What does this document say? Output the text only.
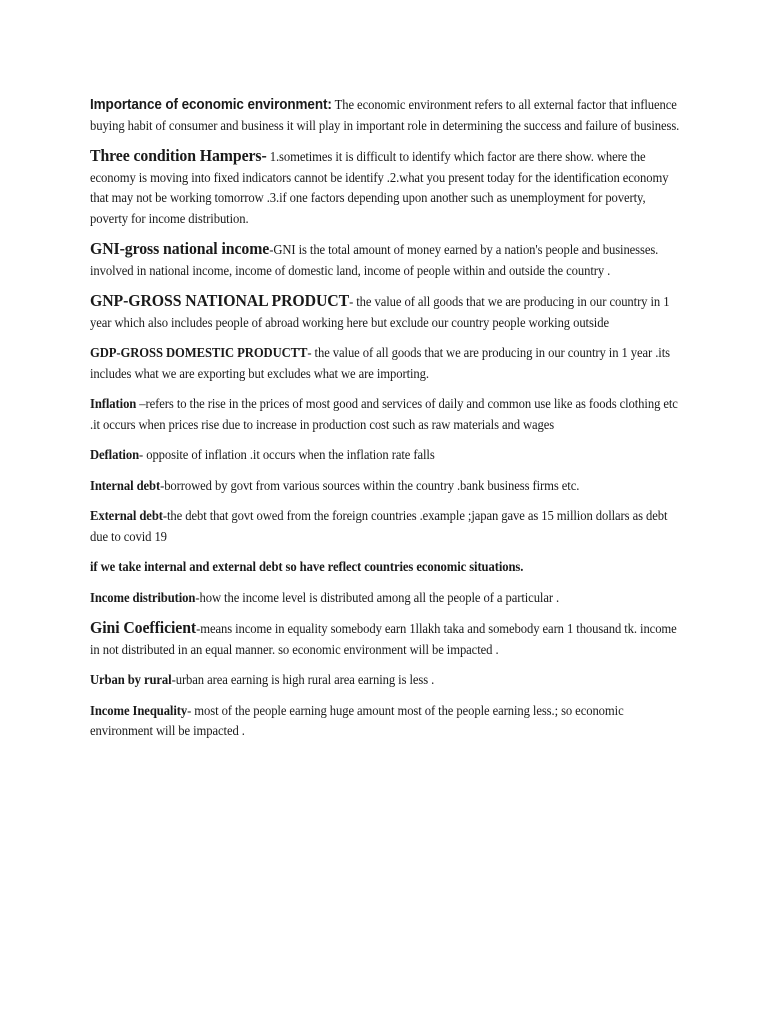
Importance of economic environment: The economic environment refers to all external factor that influence buying habit of consumer and business it will play in important role in determining the success and failure of business.

Three condition Hampers- 1.sometimes it is difficult to identify which factor are there show. where the economy is moving into fixed indicators cannot be identify .2.what you present today for the identification economy that may not be working tomorrow .3.if one factors depending upon another such as unemployment for poverty, poverty for income distribution.

GNI-gross national income-GNI is the total amount of money earned by a nation's people and businesses. involved in national income, income of domestic land, income of people within and outside the country .

GNP-GROSS NATIONAL PRODUCT- the value of all goods that we are producing in our country in 1 year which also includes people of abroad working here but exclude our country people working outside

GDP-GROSS DOMESTIC PRODUCTT- the value of all goods that we are producing in our country in 1 year .its includes what we are exporting but excludes what we are importing.

Inflation –refers to the rise in the prices of most good and services of daily and common use like as foods clothing etc .it occurs when prices rise due to increase in production cost such as raw materials and wages

Deflation- opposite of inflation .it occurs when the inflation rate falls

Internal debt-borrowed by govt from various sources within the country .bank business firms etc.

External debt-the debt that govt owed from the foreign countries .example ;japan gave as 15 million dollars as debt due to covid 19

if we take internal and external debt so have reflect countries economic situations.

Income distribution-how the income level is distributed among all the people of a particular .

Gini Coefficient-means income in equality somebody earn 1llakh taka and somebody earn 1 thousand tk. income in not distributed in an equal manner. so economic environment will be impacted .

Urban by rural-urban area earning is high rural area earning is less .

Income Inequality- most of the people earning huge amount most of the people earning less.; so economic environment will be impacted .
